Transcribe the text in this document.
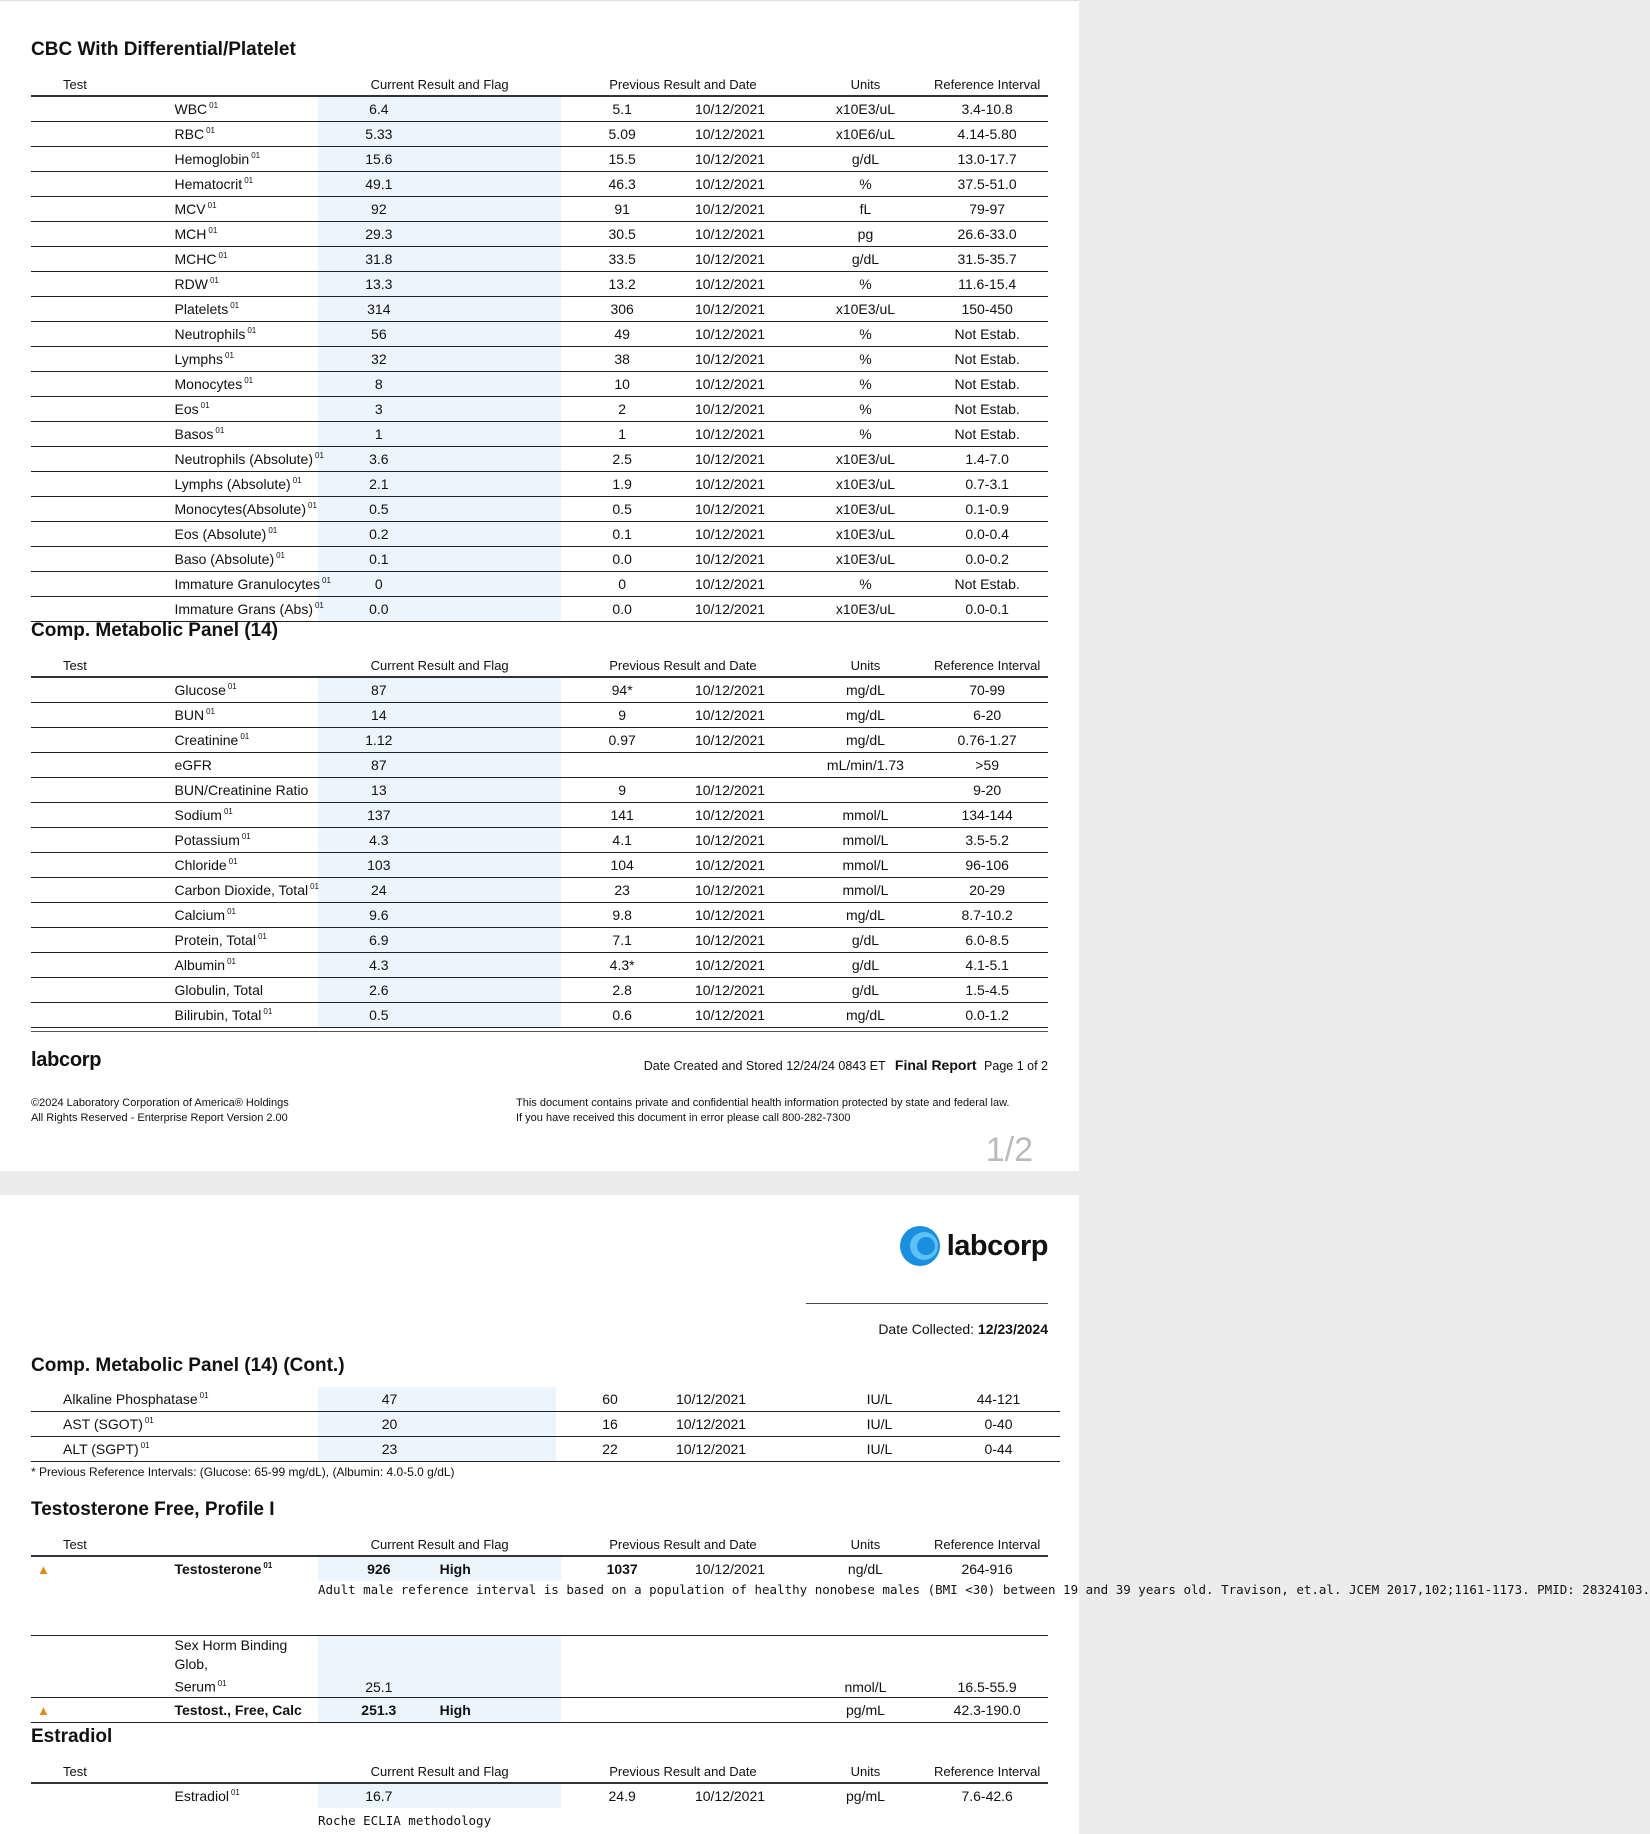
CBC With Differential/Platelet
Test		Current Result and Flag		Previous Result and Date		Units	Reference Interval
	WBC $^{01}$	6.4		5.1	10/12/2021	x10E3/uL	3.4-10.8
	RBC $^{01}$	5.33		5.09	10/12/2021	x10E6/uL	4.14-5.80
	Hemoglobin $^{01}$	15.6		15.5	10/12/2021	g/dL	13.0-17.7
	Hematocrit $^{01}$	49.1		46.3	10/12/2021	%	37.5-51.0
	MCV $^{01}$	92		91	10/12/2021	fL	79-97
	MCH $^{01}$	29.3		30.5	10/12/2021	pg	26.6-33.0
	MCHC $^{01}$	31.8		33.5	10/12/2021	g/dL	31.5-35.7
	RDW $^{01}$	13.3		13.2	10/12/2021	%	11.6-15.4
	Platelets $^{01}$	314		306	10/12/2021	x10E3/uL	150-450
	Neutrophils $^{01}$	56		49	10/12/2021	%	Not Estab.
	Lymphs $^{01}$	32		38	10/12/2021	%	Not Estab.
	Monocytes $^{01}$	8		10	10/12/2021	%	Not Estab.
	Eos $^{01}$	3		2	10/12/2021	%	Not Estab.
	Basos $^{01}$	1		1	10/12/2021	%	Not Estab.
	Neutrophils (Absolute) $^{01}$	3.6		2.5	10/12/2021	x10E3/uL	1.4-7.0
	Lymphs (Absolute) $^{01}$	2.1		1.9	10/12/2021	x10E3/uL	0.7-3.1
	Monocytes(Absolute) $^{01}$	0.5		0.5	10/12/2021	x10E3/uL	0.1-0.9
	Eos (Absolute) $^{01}$	0.2		0.1	10/12/2021	x10E3/uL	0.0-0.4
	Baso (Absolute) $^{01}$	0.1		0.0	10/12/2021	x10E3/uL	0.0-0.2
	Immature Granulocytes $^{01}$	0		0	10/12/2021	%	Not Estab.
	Immature Grans (Abs) $^{01}$	0.0		0.0	10/12/2021	x10E3/uL	0.0-0.1
Comp. Metabolic Panel (14)
Test		Current Result and Flag		Previous Result and Date		Units	Reference Interval
	Glucose $^{01}$	87		94*	10/12/2021	mg/dL	70-99
	BUN $^{01}$	14		9	10/12/2021	mg/dL	6-20
	Creatinine $^{01}$	1.12		0.97	10/12/2021	mg/dL	0.76-1.27
	eGFR	87				mL/min/1.73	>59
	BUN/Creatinine Ratio	13		9	10/12/2021		9-20
	Sodium $^{01}$	137		141	10/12/2021	mmol/L	134-144
	Potassium $^{01}$	4.3		4.1	10/12/2021	mmol/L	3.5-5.2
	Chloride $^{01}$	103		104	10/12/2021	mmol/L	96-106
	Carbon Dioxide, Total $^{01}$	24		23	10/12/2021	mmol/L	20-29
	Calcium $^{01}$	9.6		9.8	10/12/2021	mg/dL	8.7-10.2
	Protein, Total $^{01}$	6.9		7.1	10/12/2021	g/dL	6.0-8.5
	Albumin $^{01}$	4.3		4.3*	10/12/2021	g/dL	4.1-5.1
	Globulin, Total	2.6		2.8	10/12/2021	g/dL	1.5-4.5
	Bilirubin, Total $^{01}$	0.5		0.6	10/12/2021	mg/dL	0.0-1.2
labcorp	Date Created and Stored 12/24/24 0843 ET Final Report Page 1 of 2
©2024 Laboratory Corporation of America® Holdings
All Rights Reserved - Enterprise Report Version 2.00
This document contains private and confidential health information protected by state and federal law.
If you have received this document in error please call 800-282-7300
1/2
labcorp
Date Collected: 12/23/2024
Comp. Metabolic Panel (14) (Cont.)
	Alkaline Phosphatase $^{01}$	47		60	10/12/2021	IU/L	44-121
	AST (SGOT) $^{01}$	20		16	10/12/2021	IU/L	0-40
	ALT (SGPT) $^{01}$	23		22	10/12/2021	IU/L	0-44
* Previous Reference Intervals: (Glucose: 65-99 mg/dL), (Albumin: 4.0-5.0 g/dL)
Testosterone Free, Profile I
Test		Current Result and Flag		Previous Result and Date		Units	Reference Interval
▲	Testosterone $^{01}$	926	High	1037	10/12/2021	ng/dL	264-916
		Adult male reference interval is based on a population of healthy nonobese males (BMI <30) between 19 and 39 years old. Travison, et.al. JCEM 2017,102;1161-1173. PMID: 28324103.					

	Sex Horm Binding Glob,
Serum $^{01}$	25.1				nmol/L	16.5-55.9
▲	Testost., Free, Calc	251.3	High			pg/mL	42.3-190.0
Estradiol
Test		Current Result and Flag		Previous Result and Date		Units	Reference Interval
	Estradiol $^{01}$	16.7		24.9	10/12/2021	pg/mL	7.6-42.6
		Roche ECLIA methodology					
